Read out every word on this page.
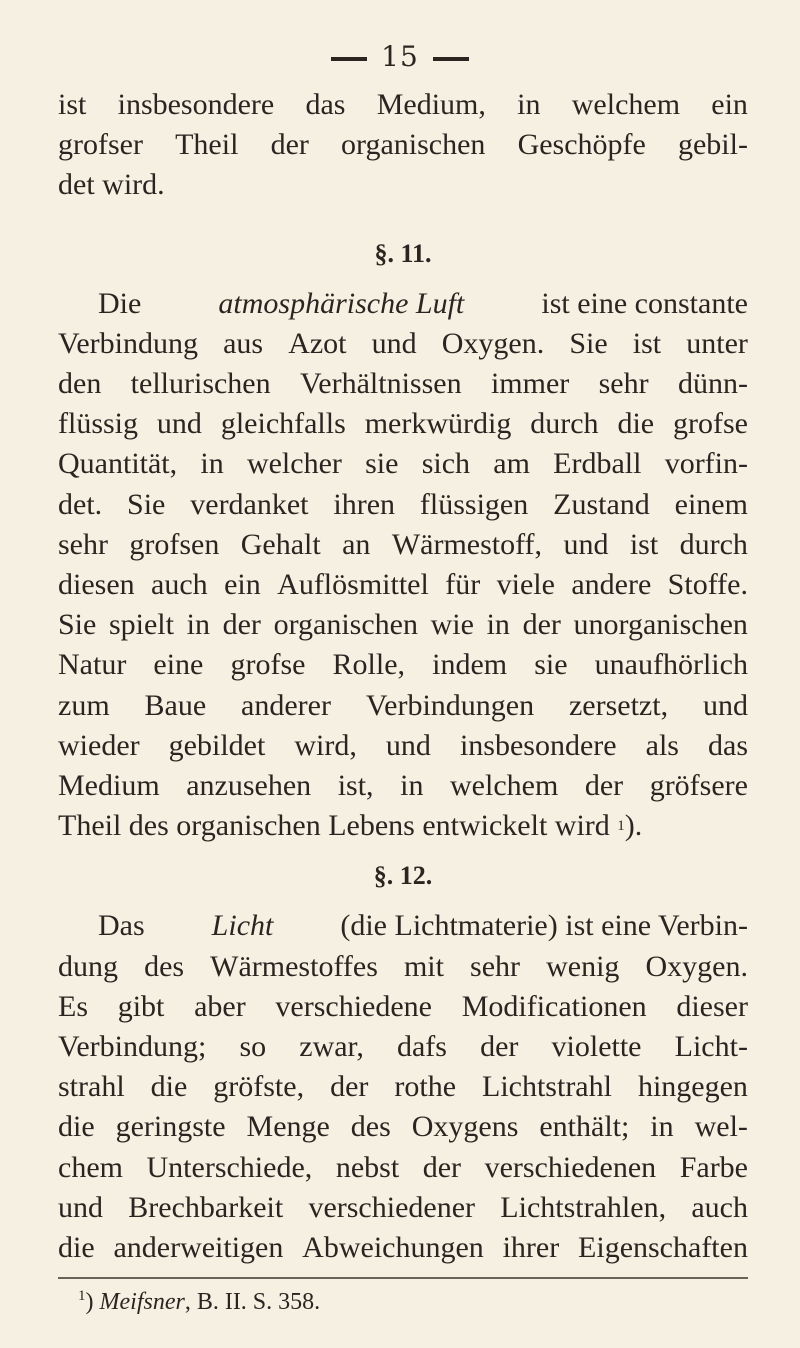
15
ist insbesondere das Medium, in welchem ein
grofser Theil der organischen Geschöpfe gebil-
det wird.
§. 11.
Die	atmosphärische Luft	ist eine constante
Verbindung aus Azot und Oxygen. Sie ist unter
den tellurischen Verhältnissen immer sehr dünn-
flüssig und gleichfalls merkwürdig durch die grofse
Quantität, in welcher sie sich am Erdball vorfin-
det. Sie verdanket ihren flüssigen Zustand einem
sehr grofsen Gehalt an Wärmestoff, und ist durch
diesen auch ein Auflösmittel für viele andere Stoffe.
Sie spielt in der organischen wie in der unorganischen
Natur eine grofse Rolle, indem sie unaufhörlich
zum Baue anderer Verbindungen zersetzt, und
wieder gebildet wird, und insbesondere als das
Medium anzusehen ist, in welchem der gröfsere
Theil des organischen Lebens entwickelt wird
1 ).
§. 12.
Das Licht (die Lichtmaterie) ist eine Verbin-
dung des Wärmestoffes mit sehr wenig Oxygen.
Es gibt aber verschiedene Modificationen dieser
Verbindung; so zwar, dafs der violette Licht-
strahl die gröfste, der rothe Lichtstrahl hingegen
die geringste Menge des Oxygens enthält; in wel-
chem Unterschiede, nebst der verschiedenen Farbe
und Brechbarkeit verschiedener Lichtstrahlen, auch
die anderweitigen Abweichungen ihrer Eigenschaften
$^1$) Meifsner, B. II. S. 358.
